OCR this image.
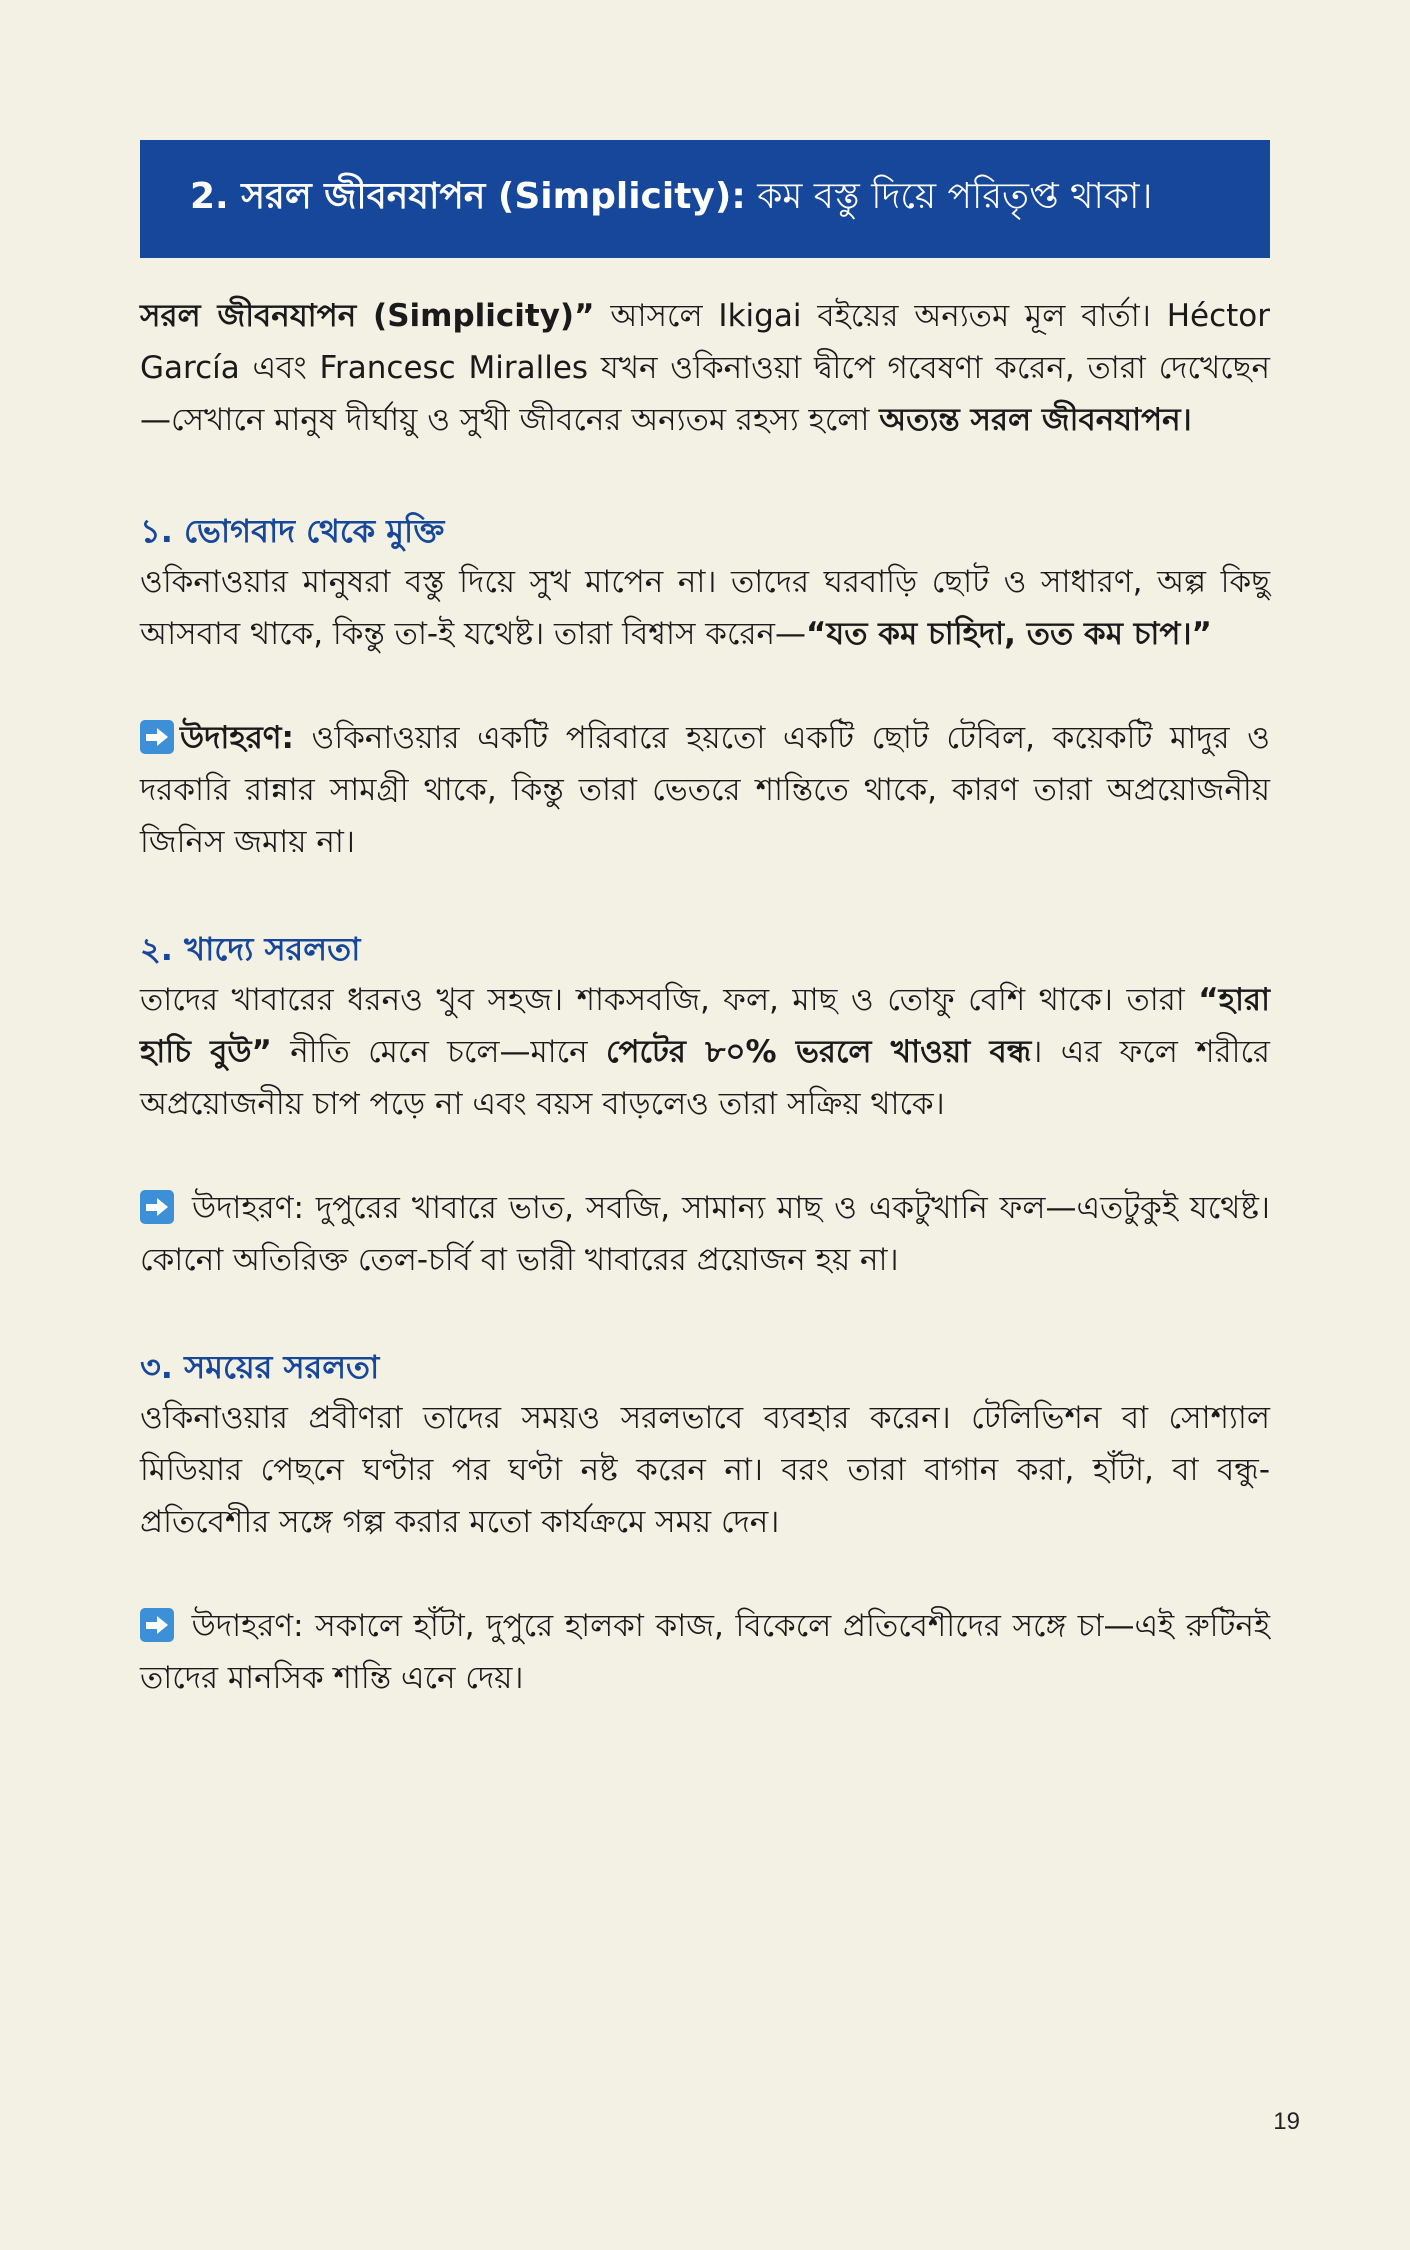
2. সরল জীবনযাপন (Simplicity): কম বস্তু দিয়ে পরিতৃপ্ত থাকা।

সরল জীবনযাপন (Simplicity)” আসলে Ikigai বইয়ের অন্যতম মূল বার্তা। Héctor García এবং Francesc Miralles যখন ওকিনাওয়া দ্বীপে গবেষণা করেন, তারা দেখেছেন—সেখানে মানুষ দীর্ঘায়ু ও সুখী জীবনের অন্যতম রহস্য হলো অত্যন্ত সরল জীবনযাপন।

১. ভোগবাদ থেকে মুক্তি

ওকিনাওয়ার মানুষরা বস্তু দিয়ে সুখ মাপেন না। তাদের ঘরবাড়ি ছোট ও সাধারণ, অল্প কিছু আসবাব থাকে, কিন্তু তা-ই যথেষ্ট। তারা বিশ্বাস করেন—“যত কম চাহিদা, তত কম চাপ।”

উদাহরণ: ওকিনাওয়ার একটি পরিবারে হয়তো একটি ছোট টেবিল, কয়েকটি মাদুর ও দরকারি রান্নার সামগ্রী থাকে, কিন্তু তারা ভেতরে শান্তিতে থাকে, কারণ তারা অপ্রয়োজনীয় জিনিস জমায় না।

২. খাদ্যে সরলতা

তাদের খাবারের ধরনও খুব সহজ। শাকসবজি, ফল, মাছ ও তোফু বেশি থাকে। তারা “হারা হাচি বুউ” নীতি মেনে চলে—মানে পেটের ৮০% ভরলে খাওয়া বন্ধ। এর ফলে শরীরে অপ্রয়োজনীয় চাপ পড়ে না এবং বয়স বাড়লেও তারা সক্রিয় থাকে।

উদাহরণ: দুপুরের খাবারে ভাত, সবজি, সামান্য মাছ ও একটুখানি ফল—এতটুকুই যথেষ্ট। কোনো অতিরিক্ত তেল-চর্বি বা ভারী খাবারের প্রয়োজন হয় না।

৩. সময়ের সরলতা

ওকিনাওয়ার প্রবীণরা তাদের সময়ও সরলভাবে ব্যবহার করেন। টেলিভিশন বা সোশ্যাল মিডিয়ার পেছনে ঘণ্টার পর ঘণ্টা নষ্ট করেন না। বরং তারা বাগান করা, হাঁটা, বা বন্ধু-প্রতিবেশীর সঙ্গে গল্প করার মতো কার্যক্রমে সময় দেন।

উদাহরণ: সকালে হাঁটা, দুপুরে হালকা কাজ, বিকেলে প্রতিবেশীদের সঙ্গে চা—এই রুটিনই তাদের মানসিক শান্তি এনে দেয়।

19
